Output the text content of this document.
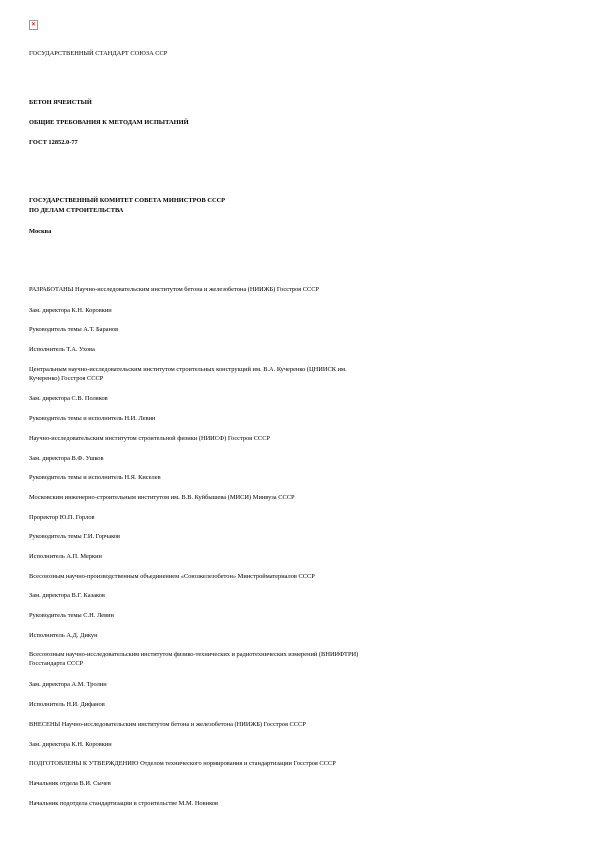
✕
ГОСУДАРСТВЕННЫЙ СТАНДАРТ СОЮЗА ССР
БЕТОН ЯЧЕИСТЫЙ
ОБЩИЕ ТРЕБОВАНИЯ К МЕТОДАМ ИСПЫТАНИЙ
ГОСТ 12852.0-77
ГОСУДАРСТВЕННЫЙ КОМИТЕТ СОВЕТА МИНИСТРОВ СССР
ПО ДЕЛАМ СТРОИТЕЛЬСТВА
Москва
РАЗРАБОТАНЫ Научно-исследовательским институтом бетона и железобетона (НИИЖБ) Госстроя СССР
Зам. директора К.Н. Коровкин
Руководитель темы А.Т. Баранов
Исполнитель Т.А. Ухова
Центральным научно-исследовательским институтом строительных конструкций им. В.А. Кучеренко (ЦНИИСК им.
Кучеренко) Госстроя СССР
Зам. директора С.В. Поляков
Руководитель темы и исполнитель Н.И. Левин
Научно-исследовательским институтом строительной физики (НИИСФ) Госстроя СССР
Зам. директора В.Ф. Ушков
Руководитель темы и исполнитель Н.Я. Киселев
Московским инженерно-строительным институтом им. В.В. Куйбышева (МИСИ) Минвуза СССР
Проректор Ю.П. Горлов
Руководитель темы Г.И. Горчаков
Исполнитель А.П. Меркин
Всесоюзным научно-производственным объединением «Союзжелезобетон» Минстройматериалов СССР
Зам. директора В.Г. Казаков
Руководитель темы С.Н. Левин
Исполнитель А.Д. Дикун
Всесоюзным научно-исследовательским институтом физико-технических и радиотехнических измерений (ВНИИФТРИ)
Госстандарта СССР
Зам. директора А.М. Тролин
Исполнитель Н.И. Дифанов
ВНЕСЕНЫ Научно-исследовательским институтом бетона и железобетона (НИИЖБ) Госстроя СССР
Зам. директора К.Н. Коровкин
ПОДГОТОВЛЕНЫ К УТВЕРЖДЕНИЮ Отделом технического нормирования и стандартизации Госстроя СССР
Начальник отдела В.И. Сычев
Начальник подотдела стандартизации в строительстве М.М. Новиков
